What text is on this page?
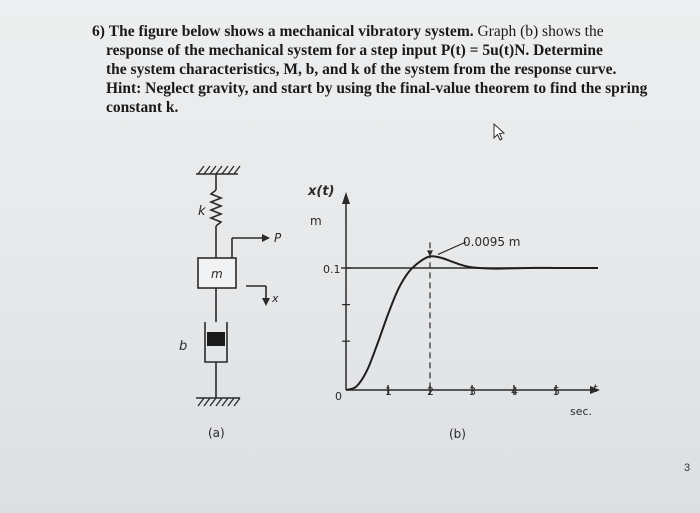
6) The figure below shows a mechanical vibratory system. Graph (b) shows the
response of the mechanical system for a step input P(t) = 5u(t)N. Determine
the system characteristics, M, b, and k of the system from the response curve.
Hint: Neglect gravity, and start by using the final-value theorem to find the spring
constant k.
k
m
P
x
b
(a)
1	2	3	4	5
x(t)
m
0.1
0.0095 m
0
t
sec.
(b)
3
